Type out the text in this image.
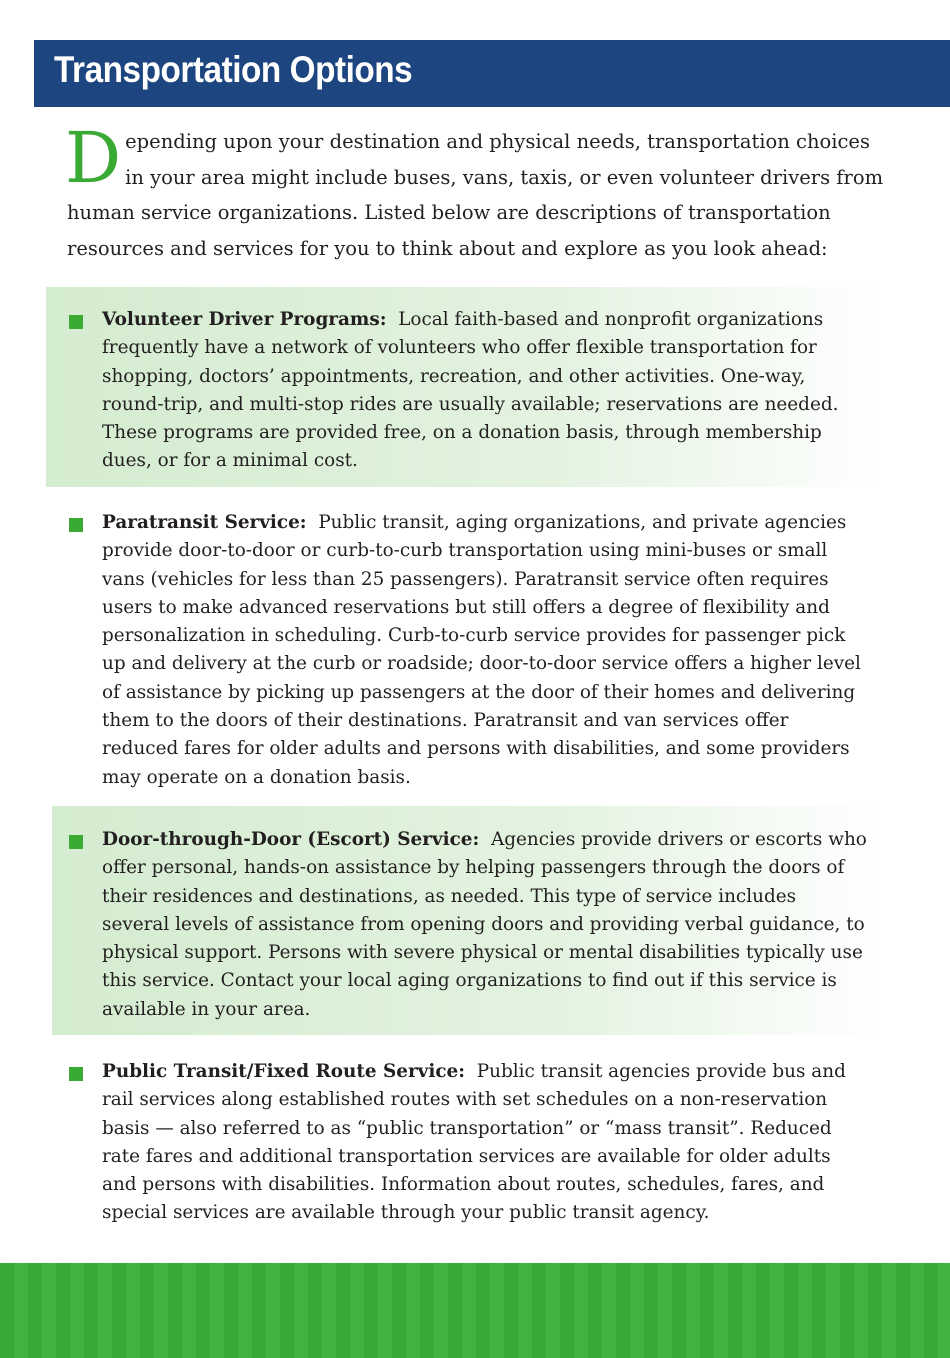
Transportation Options
Depending upon your destination and physical needs, transportation choices in your area might include buses, vans, taxis, or even volunteer drivers from human service organizations. Listed below are descriptions of transportation resources and services for you to think about and explore as you look ahead:
Volunteer Driver Programs: Local faith-based and nonprofit organizations frequently have a network of volunteers who offer flexible transportation for shopping, doctors’ appointments, recreation, and other activities. One-way, round-trip, and multi-stop rides are usually available; reservations are needed. These programs are provided free, on a donation basis, through membership dues, or for a minimal cost.
Paratransit Service: Public transit, aging organizations, and private agencies provide door-to-door or curb-to-curb transportation using mini-buses or small vans (vehicles for less than 25 passengers). Paratransit service often requires users to make advanced reservations but still offers a degree of flexibility and personalization in scheduling. Curb-to-curb service provides for passenger pick up and delivery at the curb or roadside; door-to-door service offers a higher level of assistance by picking up passengers at the door of their homes and delivering them to the doors of their destinations. Paratransit and van services offer reduced fares for older adults and persons with disabilities, and some providers may operate on a donation basis.
Door-through-Door (Escort) Service: Agencies provide drivers or escorts who offer personal, hands-on assistance by helping passengers through the doors of their residences and destinations, as needed. This type of service includes several levels of assistance from opening doors and providing verbal guidance, to physical support. Persons with severe physical or mental disabilities typically use this service. Contact your local aging organizations to find out if this service is available in your area.
Public Transit/Fixed Route Service: Public transit agencies provide bus and rail services along established routes with set schedules on a non-reservation basis — also referred to as “public transportation” or “mass transit”. Reduced rate fares and additional transportation services are available for older adults and persons with disabilities. Information about routes, schedules, fares, and special services are available through your public transit agency.
